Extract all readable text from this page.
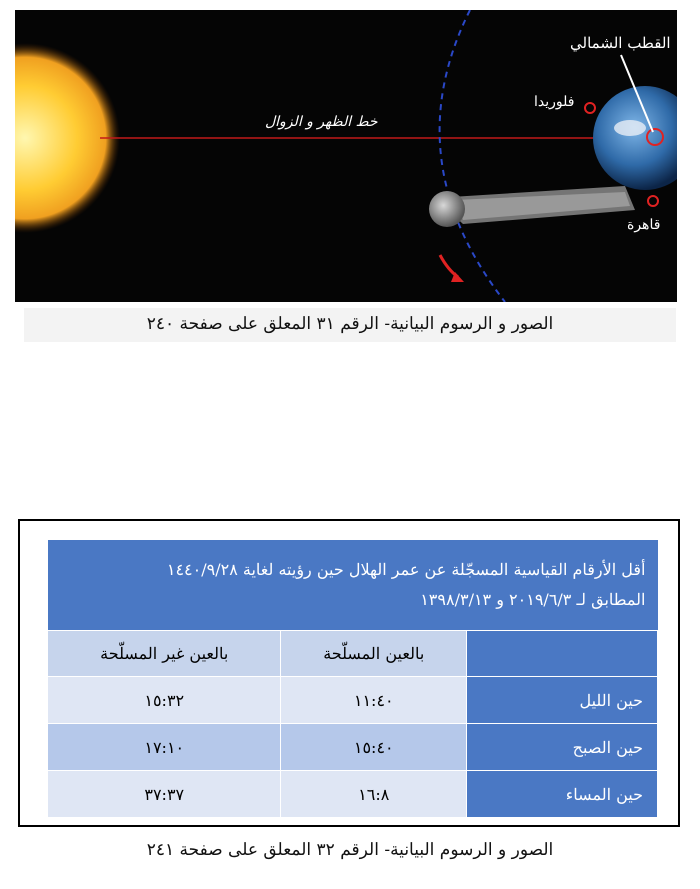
خط الظهر و الزوال
القطب الشمالي
فلوريدا
قاهرة
الصور و الرسوم البيانية- الرقم ٣١ المعلق على صفحة ٢٤٠
أقل الأرقام القياسية المسجّلة عن عمر الهلال حين رؤيته لغاية ١٤٤٠/٩/٢٨
المطابق لـ ٢٠١٩/٦/٣ و ١٣٩٨/٣/١٣		

	بالعين المسلّحة	بالعين غير المسلّحة
حين الليل	١١:٤٠	١٥:٣٢
حين الصبح	١٥:٤٠	١٧:١٠
حين المساء	١٦:٨	٣٧:٣٧
الصور و الرسوم البيانية- الرقم ٣٢ المعلق على صفحة ٢٤١
